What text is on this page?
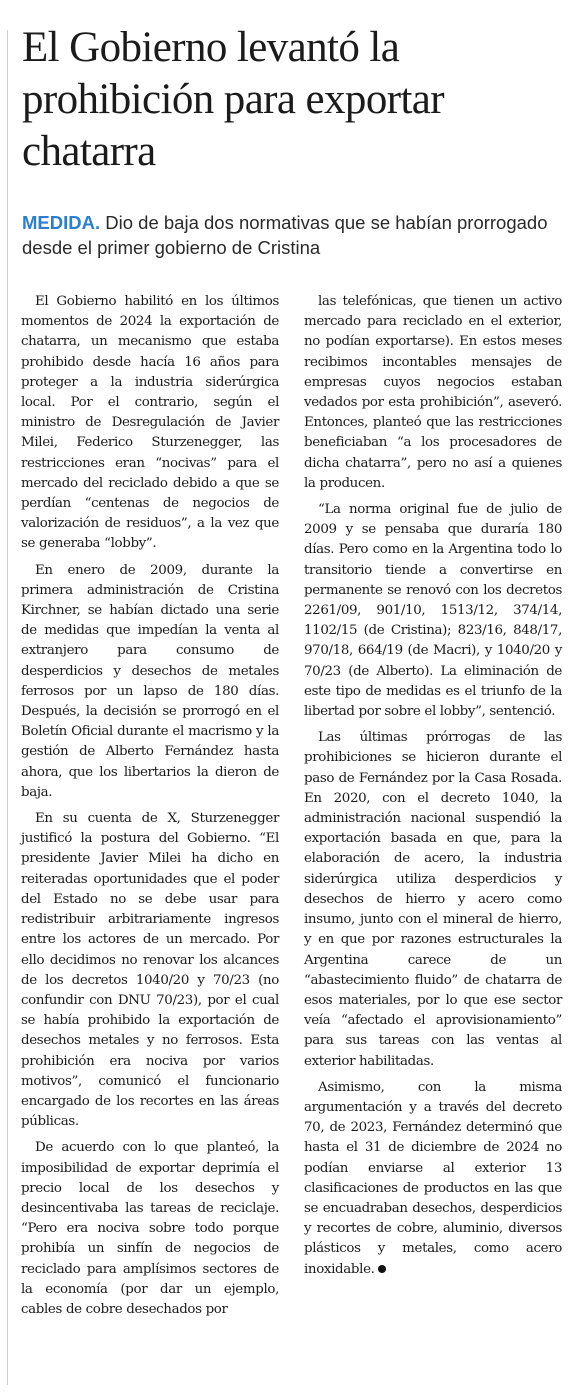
El Gobierno levantó la prohibición para exportar chatarra

MEDIDA. Dio de baja dos normativas que se habían prorrogado desde el primer gobierno de Cristina

El Gobierno habilitó en los últimos momentos de 2024 la exportación de chatarra, un mecanismo que estaba prohibido desde hacía 16 años para proteger a la industria siderúrgica local. Por el contrario, según el ministro de Desregulación de Javier Milei, Federico Sturzenegger, las restricciones eran “nocivas” para el mercado del reciclado debido a que se perdían “centenas de negocios de valorización de residuos”, a la vez que se generaba “lobby”.

En enero de 2009, durante la primera administración de Cristina Kirchner, se habían dictado una serie de medidas que impedían la venta al extranjero para consumo de desperdicios y desechos de metales ferrosos por un lapso de 180 días. Después, la decisión se prorrogó en el Boletín Oficial durante el macrismo y la gestión de Alberto Fernández hasta ahora, que los libertarios la dieron de baja.

En su cuenta de X, Sturzenegger justificó la postura del Gobierno. “El presidente Javier Milei ha dicho en reiteradas oportunidades que el poder del Estado no se debe usar para redistribuir arbitrariamente ingresos entre los actores de un mercado. Por ello decidimos no renovar los alcances de los decretos 1040/20 y 70/23 (no confundir con DNU 70/23), por el cual se había prohibido la exportación de desechos metales y no ferrosos. Esta prohibición era nociva por varios motivos”, comunicó el funcionario encargado de los recortes en las áreas públicas.

De acuerdo con lo que planteó, la imposibilidad de exportar deprimía el precio local de los desechos y desincentivaba las tareas de reciclaje. “Pero era nociva sobre todo porque prohibía un sinfín de negocios de reciclado para amplísimos sectores de la economía (por dar un ejemplo, cables de cobre desechados por

las telefónicas, que tienen un activo mercado para reciclado en el exterior, no podían exportarse). En estos meses recibimos incontables mensajes de empresas cuyos negocios estaban vedados por esta prohibición”, aseveró. Entonces, planteó que las restricciones beneficiaban “a los procesadores de dicha chatarra”, pero no así a quienes la producen.

“La norma original fue de julio de 2009 y se pensaba que duraría 180 días. Pero como en la Argentina todo lo transitorio tiende a convertirse en permanente se renovó con los decretos 2261/09, 901/10, 1513/12, 374/14, 1102/15 (de Cristina); 823/16, 848/17, 970/18, 664/19 (de Macri), y 1040/20 y 70/23 (de Alberto). La eliminación de este tipo de medidas es el triunfo de la libertad por sobre el lobby”, sentenció.

Las últimas prórrogas de las prohibiciones se hicieron durante el paso de Fernández por la Casa Rosada. En 2020, con el decreto 1040, la administración nacional suspendió la exportación basada en que, para la elaboración de acero, la industria siderúrgica utiliza desperdicios y desechos de hierro y acero como insumo, junto con el mineral de hierro, y en que por razones estructurales la Argentina carece de un “abastecimiento fluido” de chatarra de esos materiales, por lo que ese sector veía “afectado el aprovisionamiento” para sus tareas con las ventas al exterior habilitadas.

Asimismo, con la misma argumentación y a través del decreto 70, de 2023, Fernández determinó que hasta el 31 de diciembre de 2024 no podían enviarse al exterior 13 clasificaciones de productos en las que se encuadraban desechos, desperdicios y recortes de cobre, aluminio, diversos plásticos y metales, como acero inoxidable.
